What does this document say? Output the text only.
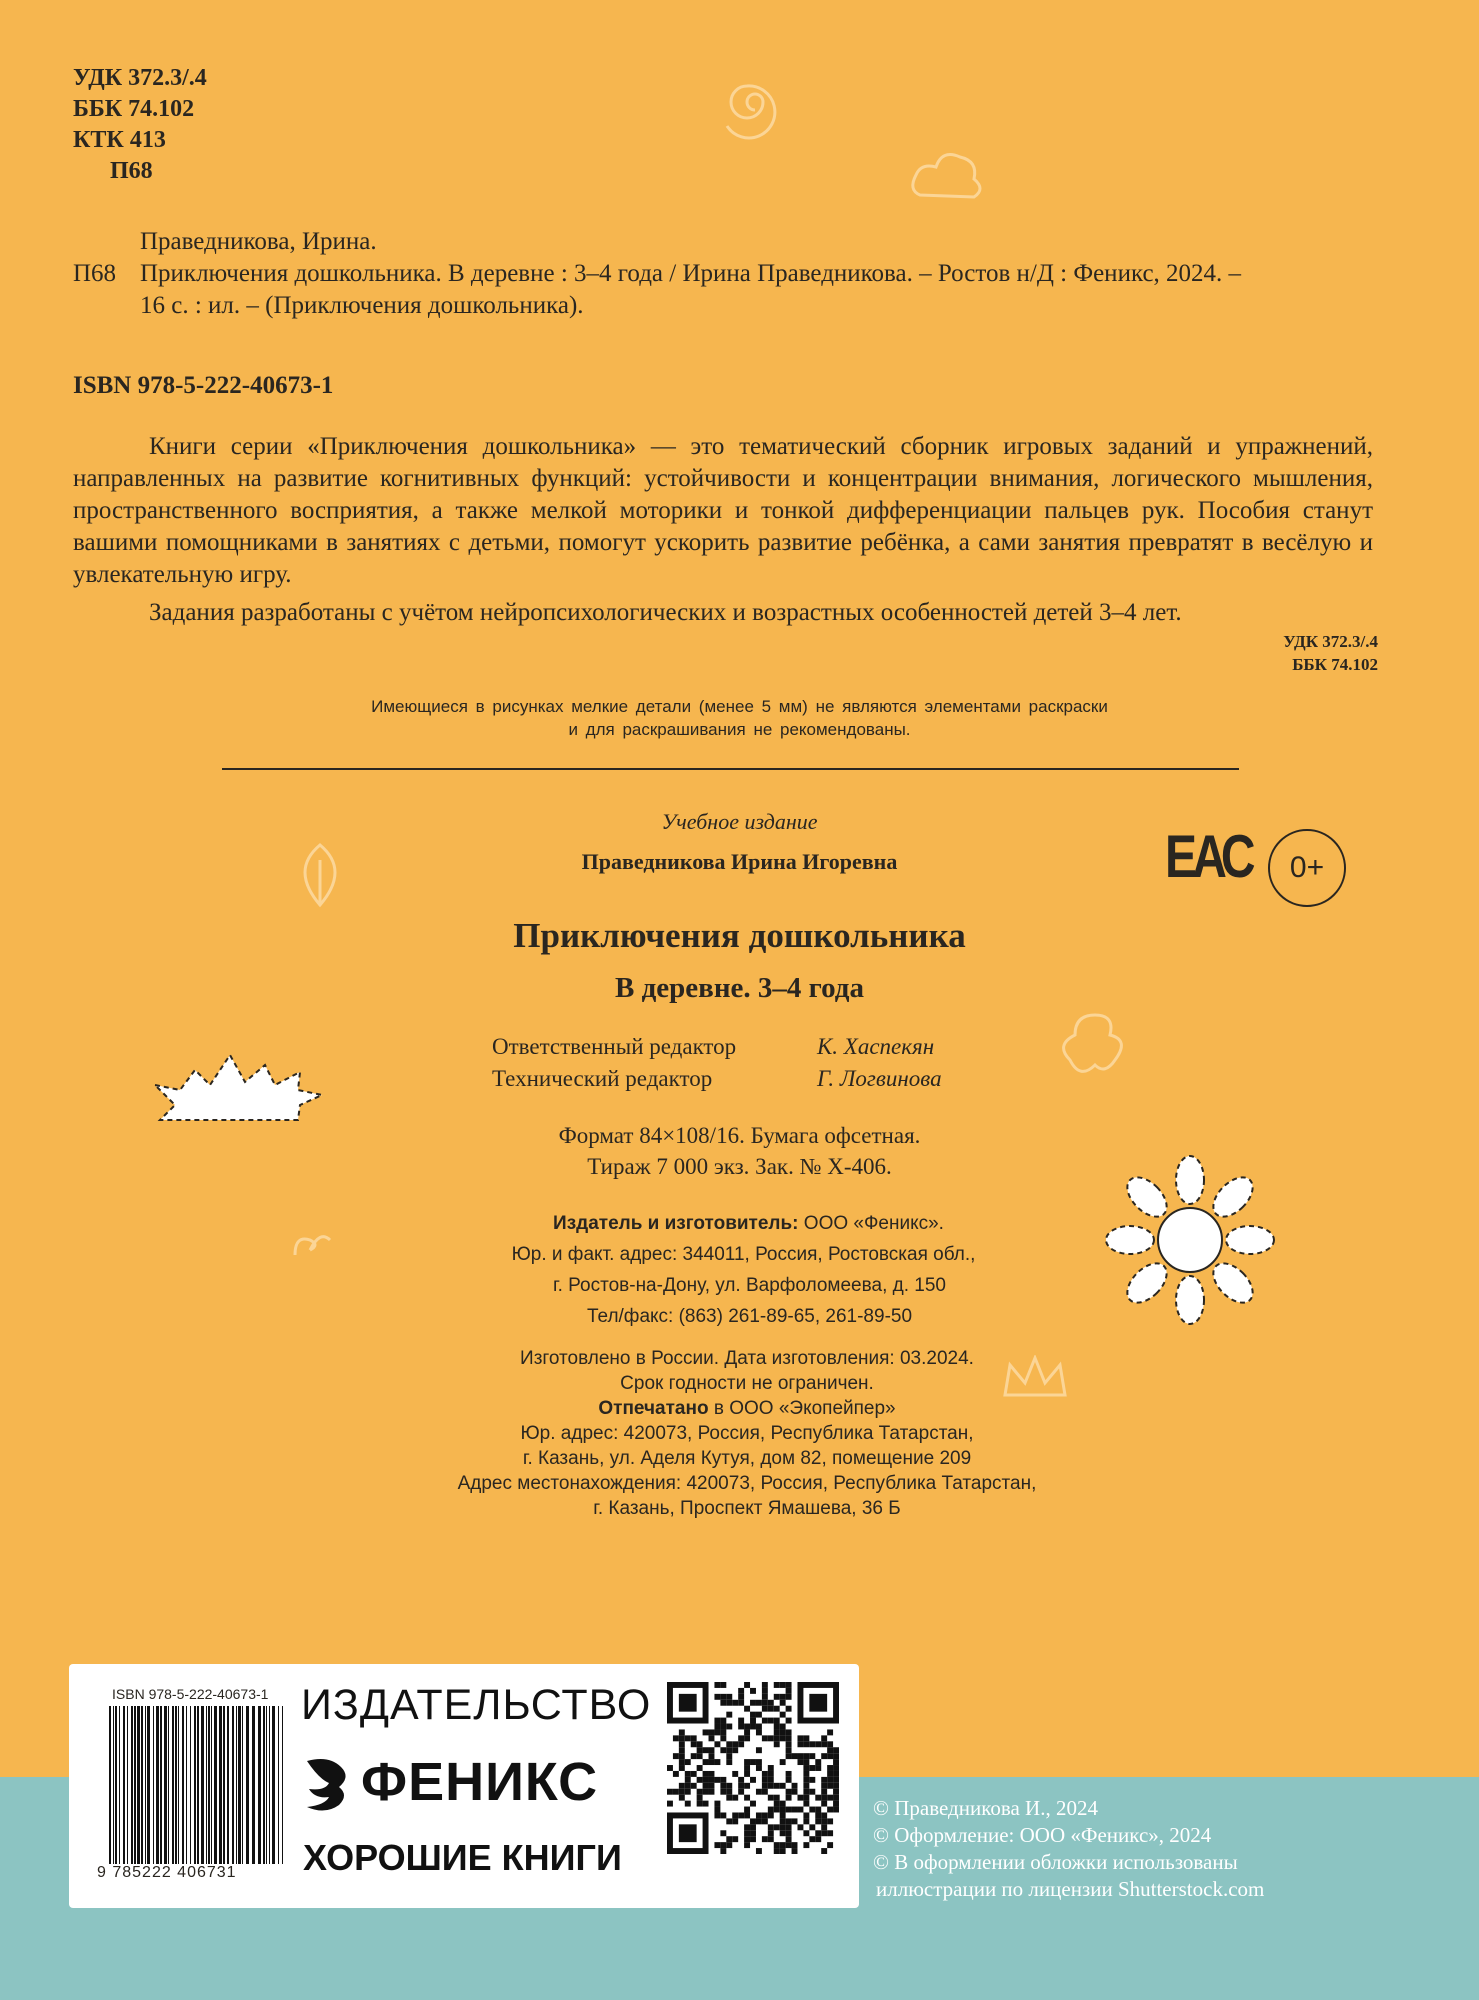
УДК 372.3/.4
ББК 74.102
КТК 413
П68
Праведникова, Ирина.
П68 Приключения дошкольника. В деревне : 3–4 года / Ирина Праведникова. – Ростов н/Д : Феникс, 2024. –
16 с. : ил. – (Приключения дошкольника).
ISBN 978-5-222-40673-1

Книги серии «Приключения дошкольника» — это тематический сборник игровых заданий и упражнений, направленных на развитие когнитивных функций: устойчивости и концентрации внимания, логического мышления, пространственного восприятия, а также мелкой моторики и тонкой дифференциации пальцев рук. Пособия станут вашими помощниками в занятиях с детьми, помогут ускорить развитие ребёнка, а сами занятия превратят в весёлую и увлекательную игру.

Задания разработаны с учётом нейропсихологических и возрастных особенностей детей 3–4 лет.

УДК 372.3/.4
ББК 74.102
Имеющиеся в рисунках мелкие детали (менее 5 мм) не являются элементами раскраски
и для раскрашивания не рекомендованы.
Учебное издание
Праведникова Ирина Игоревна
Приключения дошкольника
В деревне. 3–4 года
Ответственный редактор	К. Хаспекян
Технический редактор	Г. Логвинова
Формат 84×108/16. Бумага офсетная.
Тираж 7 000 экз. Зак. № Х-406.
Издатель и изготовитель: ООО «Феникс».
Юр. и факт. адрес: 344011, Россия, Ростовская обл.,
г. Ростов-на-Дону, ул. Варфоломеева, д. 150
Тел/факс: (863) 261-89-65, 261-89-50
Изготовлено в России. Дата изготовления: 03.2024.
Срок годности не ограничен.
Отпечатано в ООО «Экопейпер»
Юр. адрес: 420073, Россия, Республика Татарстан,
г. Казань, ул. Аделя Кутуя, дом 82, помещение 209
Адрес местонахождения: 420073, Россия, Республика Татарстан,
г. Казань, Проспект Ямашева, 36 Б
ЕАС 0+
ISBN 978-5-222-40673-1
9 785222 406731
ИЗДАТЕЛЬСТВО
ФЕНИКС
ХОРОШИЕ КНИГИ
© Праведникова И., 2024
© Оформление: ООО «Феникс», 2024
© В оформлении обложки использованы
иллюстрации по лицензии Shutterstock.com
